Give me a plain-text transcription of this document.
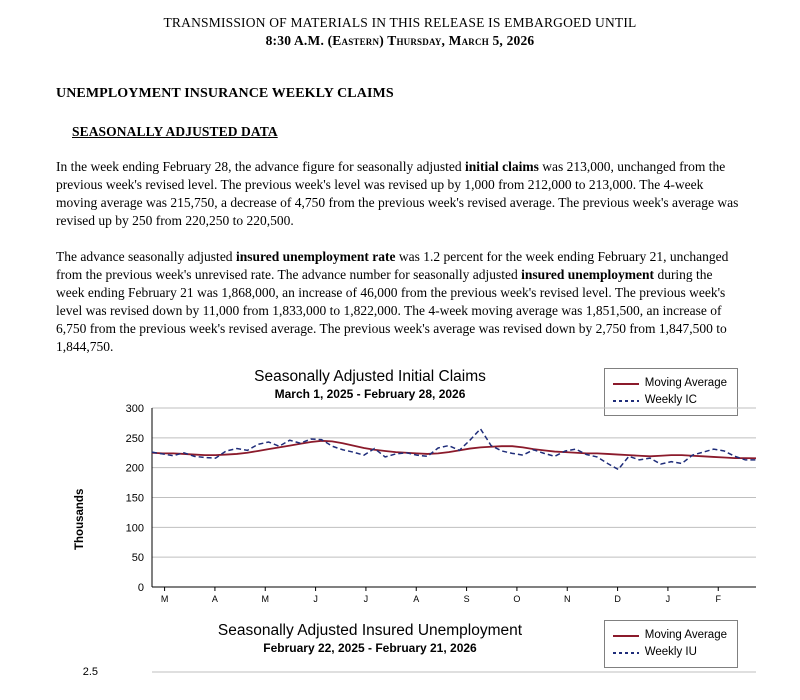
TRANSMISSION OF MATERIALS IN THIS RELEASE IS EMBARGOED UNTIL
8:30 A.M. (Eastern) Thursday, March 5, 2026
UNEMPLOYMENT INSURANCE WEEKLY CLAIMS
SEASONALLY ADJUSTED DATA

In the week ending February 28, the advance figure for seasonally adjusted initial claims was 213,000, unchanged from the previous week's revised level. The previous week's level was revised up by 1,000 from 212,000 to 213,000. The 4-week moving average was 215,750, a decrease of 4,750 from the previous week's revised average. The previous week's average was revised up by 250 from 220,250 to 220,500.

The advance seasonally adjusted insured unemployment rate was 1.2 percent for the week ending February 21, unchanged from the previous week's unrevised rate. The advance number for seasonally adjusted insured unemployment during the week ending February 21 was 1,868,000, an increase of 46,000 from the previous week's revised level. The previous week's level was revised down by 11,000 from 1,833,000 to 1,822,000. The 4-week moving average was 1,851,500, an increase of 6,750 from the previous week's revised average. The previous week's average was revised down by 2,750 from 1,847,500 to 1,844,750.

Seasonally Adjusted Initial Claims
March 1, 2025 - February 28, 2026
Moving Average
Weekly IC
Thousands
0
50
100
150
200
250
300
M	A	M	J	J	A	S	O	N	D	J	F
Seasonally Adjusted Insured Unemployment
February 22, 2025 - February 21, 2026
Moving Average
Weekly IU
2.5
